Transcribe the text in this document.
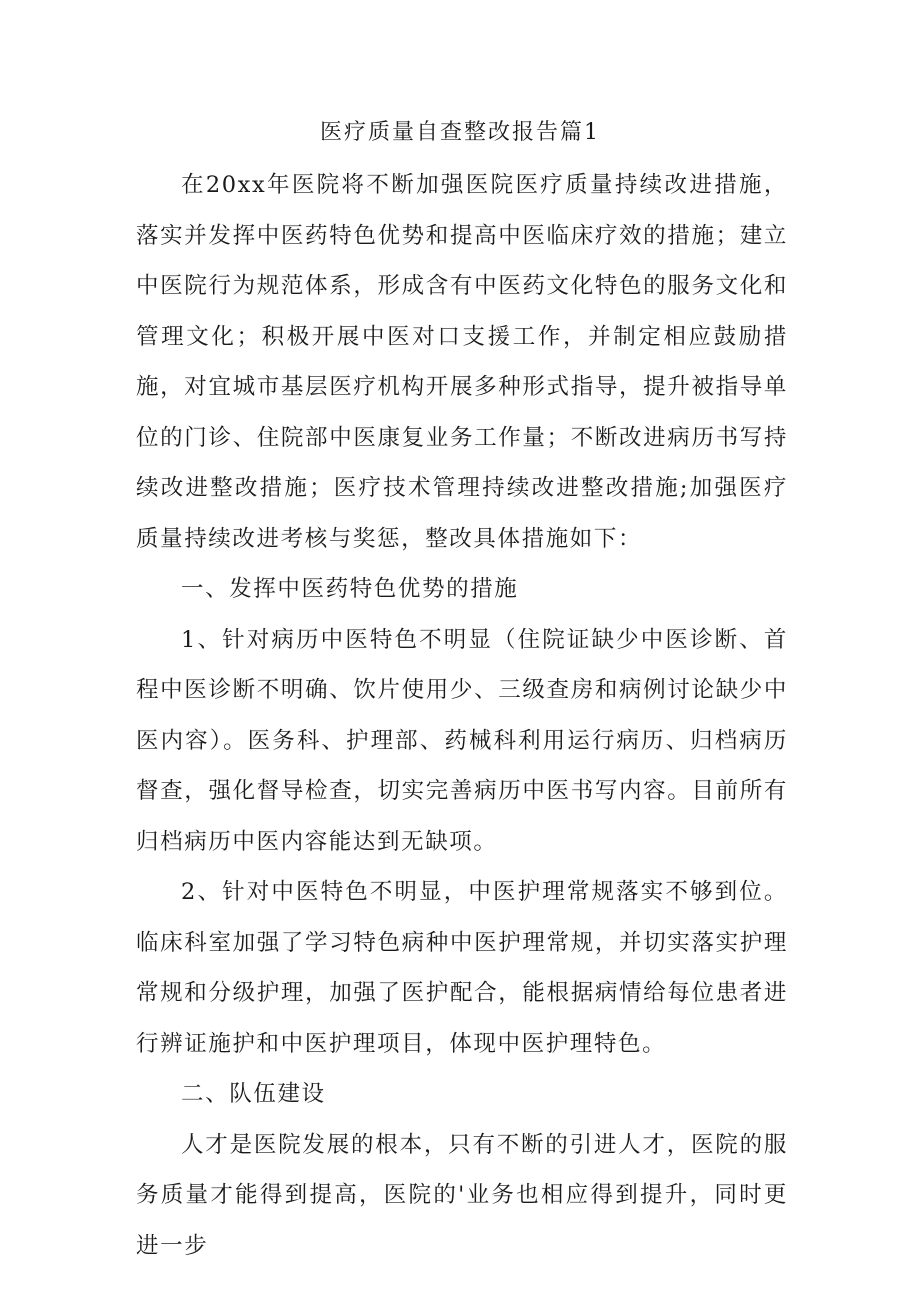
医疗质量自查整改报告篇1

在20xx年医院将不断加强医院医疗质量持续改进措施，落实并发挥中医药特色优势和提高中医临床疗效的措施；建立中医院行为规范体系，形成含有中医药文化特色的服务文化和管理文化；积极开展中医对口支援工作，并制定相应鼓励措施，对宜城市基层医疗机构开展多种形式指导，提升被指导单位的门诊、住院部中医康复业务工作量；不断改进病历书写持续改进整改措施；医疗技术管理持续改进整改措施;加强医疗质量持续改进考核与奖惩，整改具体措施如下：

一、发挥中医药特色优势的措施

1、针对病历中医特色不明显（住院证缺少中医诊断、首程中医诊断不明确、饮片使用少、三级查房和病例讨论缺少中医内容）。医务科、护理部、药械科利用运行病历、归档病历督查，强化督导检查，切实完善病历中医书写内容。目前所有归档病历中医内容能达到无缺项。

2、针对中医特色不明显，中医护理常规落实不够到位。临床科室加强了学习特色病种中医护理常规，并切实落实护理常规和分级护理，加强了医护配合，能根据病情给每位患者进行辨证施护和中医护理项目，体现中医护理特色。

二、队伍建设

人才是医院发展的根本，只有不断的引进人才，医院的服务质量才能得到提高，医院的'业务也相应得到提升，同时更进一步
